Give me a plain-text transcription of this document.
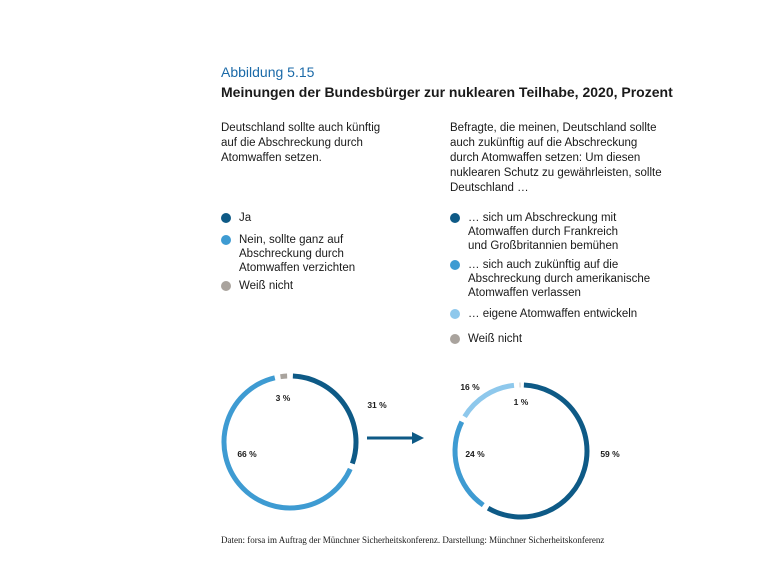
Abbildung 5.15
Meinungen der Bundesbürger zur nuklearen Teilhabe, 2020, Prozent
Deutschland sollte auch künftig
auf die Abschreckung durch
Atomwaffen setzen.
Befragte, die meinen, Deutschland sollte
auch zukünftig auf die Abschreckung
durch Atomwaffen setzen: Um diesen
nuklearen Schutz zu gewährleisten, sollte
Deutschland …
Ja
Nein, sollte ganz auf
Abschreckung durch
Atomwaffen verzichten
Weiß nicht
… sich um Abschreckung mit
Atomwaffen durch Frankreich
und Großbritannien bemühen
… sich auch zukünftig auf die
Abschreckung durch amerikanische
Atomwaffen verlassen
… eigene Atomwaffen entwickeln
Weiß nicht
31 %
66 %
3 %
59 %
24 %
16 %
1 %
Daten: forsa im Auftrag der Münchner Sicherheitskonferenz. Darstellung: Münchner Sicherheitskonferenz
